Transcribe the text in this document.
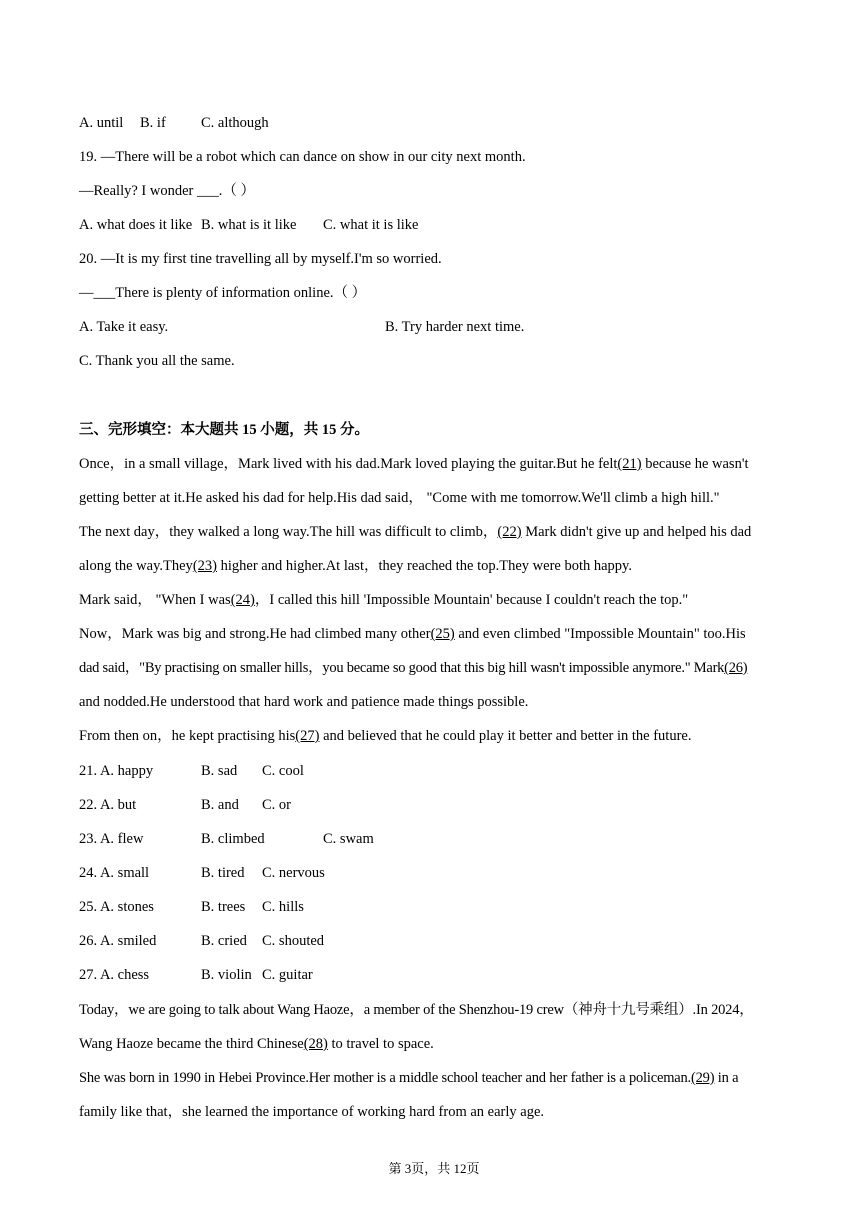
A. until B. if C. although
19. —There will be a robot which can dance on show in our city next month.
—Really? I wonder ___.（ ）
A. what does it like B. what is it like C. what it is like
20. —It is my first tine travelling all by myself.I'm so worried.
—___There is plenty of information online.（ ）
A. Take it easy.	B. Try harder next time.
C. Thank you all the same.
三、完形填空：本大题共 15 小题，共 15 分。
Once，in a small village，Mark lived with his dad.Mark loved playing the guitar.But he felt(21) because he wasn't
getting better at it.He asked his dad for help.His dad said， "Come with me tomorrow.We'll climb a high hill."
The next day，they walked a long way.The hill was difficult to climb，(22) Mark didn't give up and helped his dad
along the way.They(23) higher and higher.At last，they reached the top.They were both happy.
Mark said， "When I was(24)，I called this hill 'Impossible Mountain' because I couldn't reach the top."
Now，Mark was big and strong.He had climbed many other(25) and even climbed "Impossible Mountain" too.His
dad said，"By practising on smaller hills，you became so good that this big hill wasn't impossible anymore." Mark(26)
and nodded.He understood that hard work and patience made things possible.
From then on，he kept practising his(27) and believed that he could play it better and better in the future.
21. A. happy	B. sad C. cool
22. A. but	B. and C. or
23. A. flew	B. climbed	C. swam
24. A. small	B. tired C. nervous
25. A. stones	B. trees C. hills
26. A. smiled	B. cried C. shouted
27. A. chess	B. violin C. guitar
Today，we are going to talk about Wang Haoze，a member of the Shenzhou-19 crew（神舟十九号乘组）.In 2024，
Wang Haoze became the third Chinese(28) to travel to space.
She was born in 1990 in Hebei Province.Her mother is a middle school teacher and her father is a policeman.(29) in a
family like that，she learned the importance of working hard from an early age.
第 3页，共 12页
